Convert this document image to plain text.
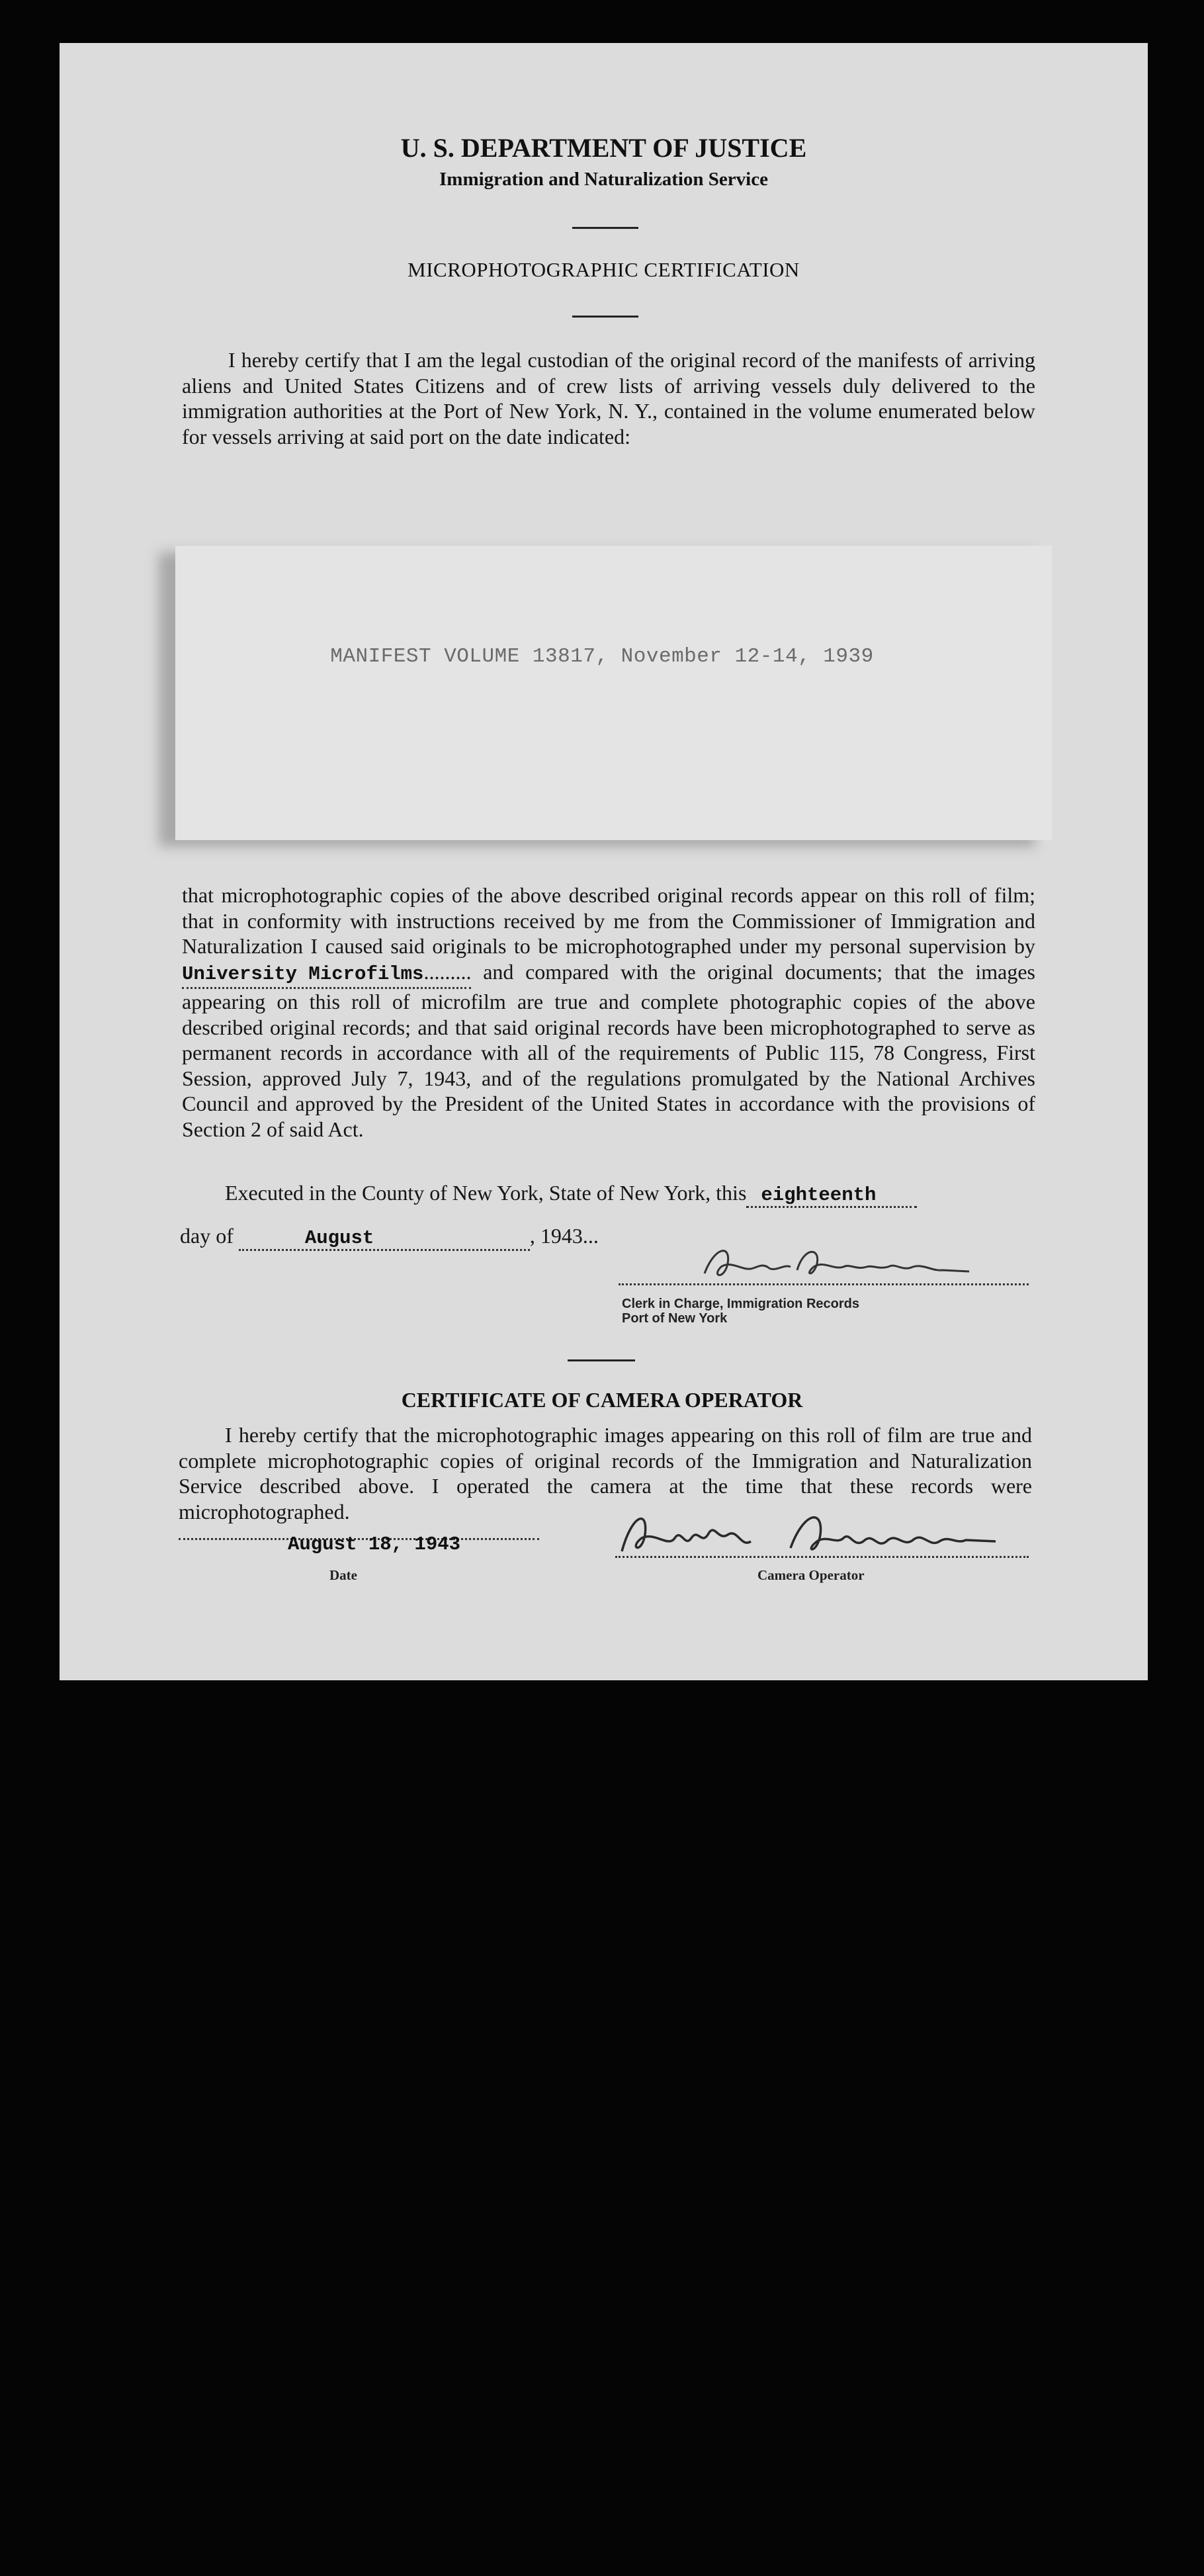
U. S. DEPARTMENT OF JUSTICE
Immigration and Naturalization Service
MICROPHOTOGRAPHIC CERTIFICATION

I hereby certify that I am the legal custodian of the original record of the manifests of arriving aliens and United States Citizens and of crew lists of arriving vessels duly delivered to the immigration authorities at the Port of New York, N. Y., contained in the volume enumerated below for vessels arriving at said port on the date indicated:

MANIFEST VOLUME 13817, November 12-14, 1939
that microphotographic copies of the above described original records appear on this roll of film; that in conformity with instructions received by me from the Commissioner of Immigration and Naturalization I caused said originals to be microphotographed under my personal supervision by University Microfilms......... and compared with the original documents; that the images appearing on this roll of microfilm are true and complete photographic copies of the above described original records; and that said original records have been microphotographed to serve as permanent records in accordance with all of the requirements of Public 115, 78 Congress, First Session, approved July 7, 1943, and of the regulations promulgated by the National Archives Council and approved by the President of the United States in accordance with the provisions of Section 2 of said Act.
Executed in the County of New York, State of New York, this eighteenth
day of	August	, 1943...
Clerk in Charge, Immigration Records
Port of New York
CERTIFICATE OF CAMERA OPERATOR

I hereby certify that the microphotographic images appearing on this roll of film are true and complete microphotographic copies of original records of the Immigration and Naturalization Service described above. I operated the camera at the time that these records were microphotographed.

August 18, 1943
Date	Camera Operator
